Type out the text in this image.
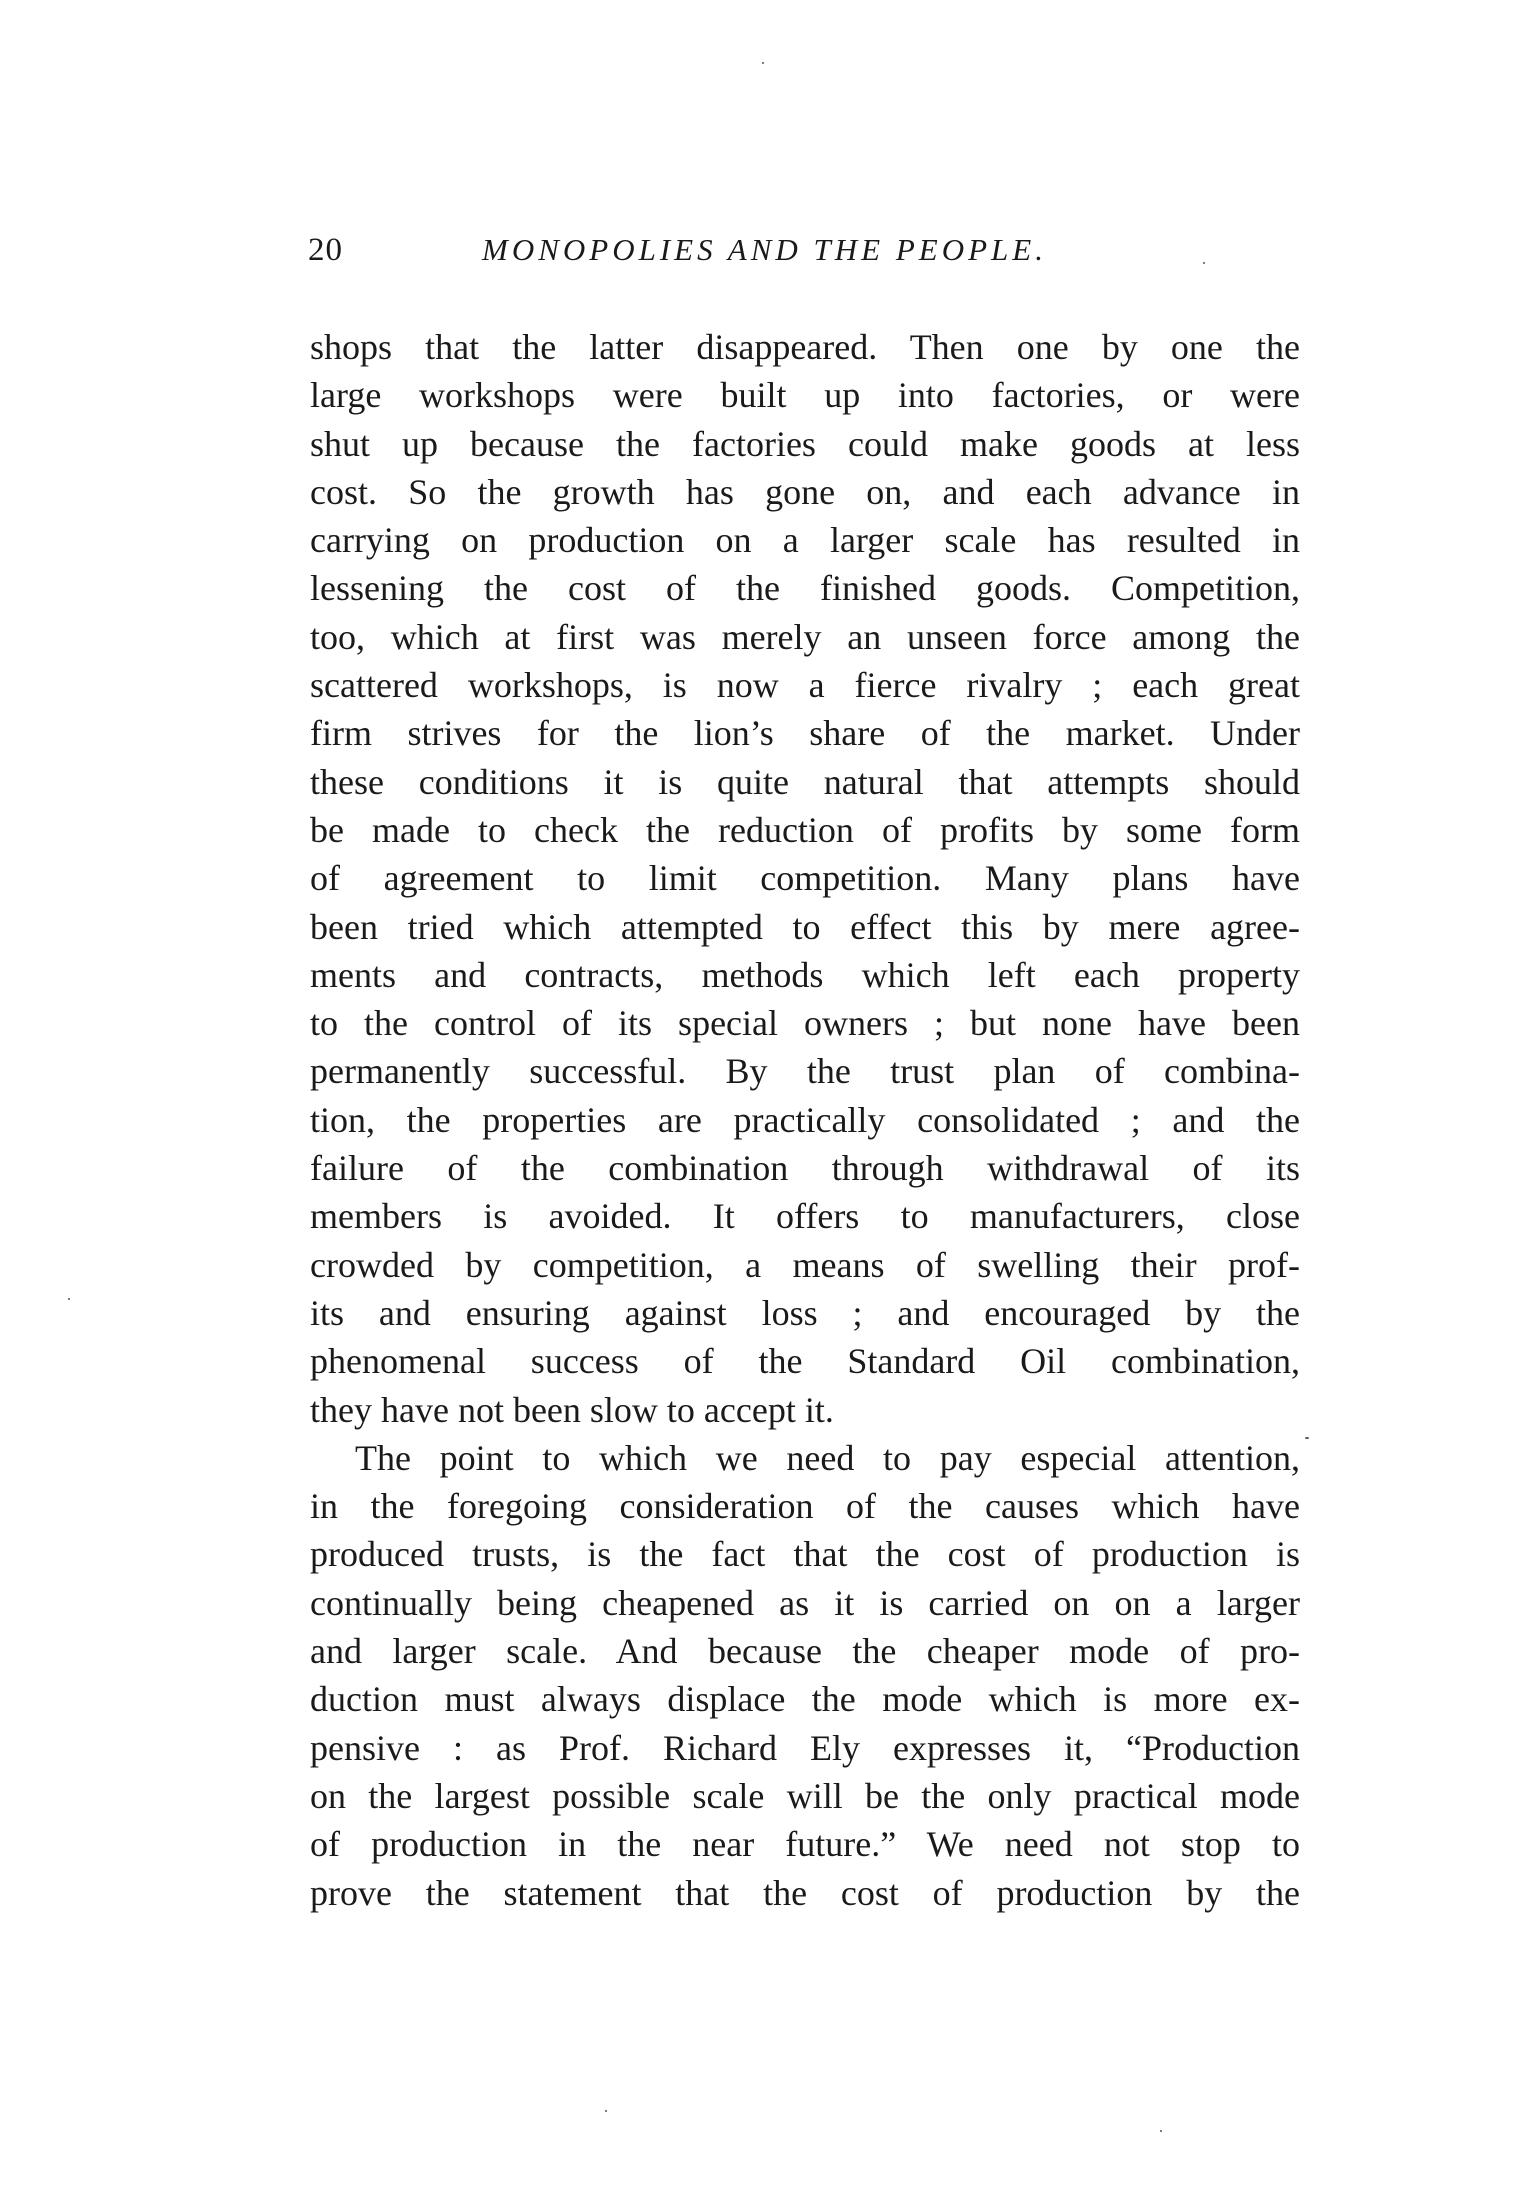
20	MONOPOLIES AND THE PEOPLE.
shops that the latter disappeared. Then one by one the
large workshops were built up into factories, or were
shut up because the factories could make goods at less
cost. So the growth has gone on, and each advance in
carrying on production on a larger scale has resulted in
lessening the cost of the finished goods. Competition,
too, which at first was merely an unseen force among the
scattered workshops, is now a fierce rivalry ; each great
firm strives for the lion’s share of the market. Under
these conditions it is quite natural that attempts should
be made to check the reduction of profits by some form
of agreement to limit competition. Many plans have
been tried which attempted to effect this by mere agree-
ments and contracts, methods which left each property
to the control of its special owners ; but none have been
permanently successful. By the trust plan of combina-
tion, the properties are practically consolidated ; and the
failure of the combination through withdrawal of its
members is avoided. It offers to manufacturers, close
crowded by competition, a means of swelling their prof-
its and ensuring against loss ; and encouraged by the
phenomenal success of the Standard Oil combination,
they have not been slow to accept it.
The point to which we need to pay especial attention,
in the foregoing consideration of the causes which have
produced trusts, is the fact that the cost of production is
continually being cheapened as it is carried on on a larger
and larger scale. And because the cheaper mode of pro-
duction must always displace the mode which is more ex-
pensive : as Prof. Richard Ely expresses it, “Production
on the largest possible scale will be the only practical mode
of production in the near future.” We need not stop to
prove the statement that the cost of production by the
